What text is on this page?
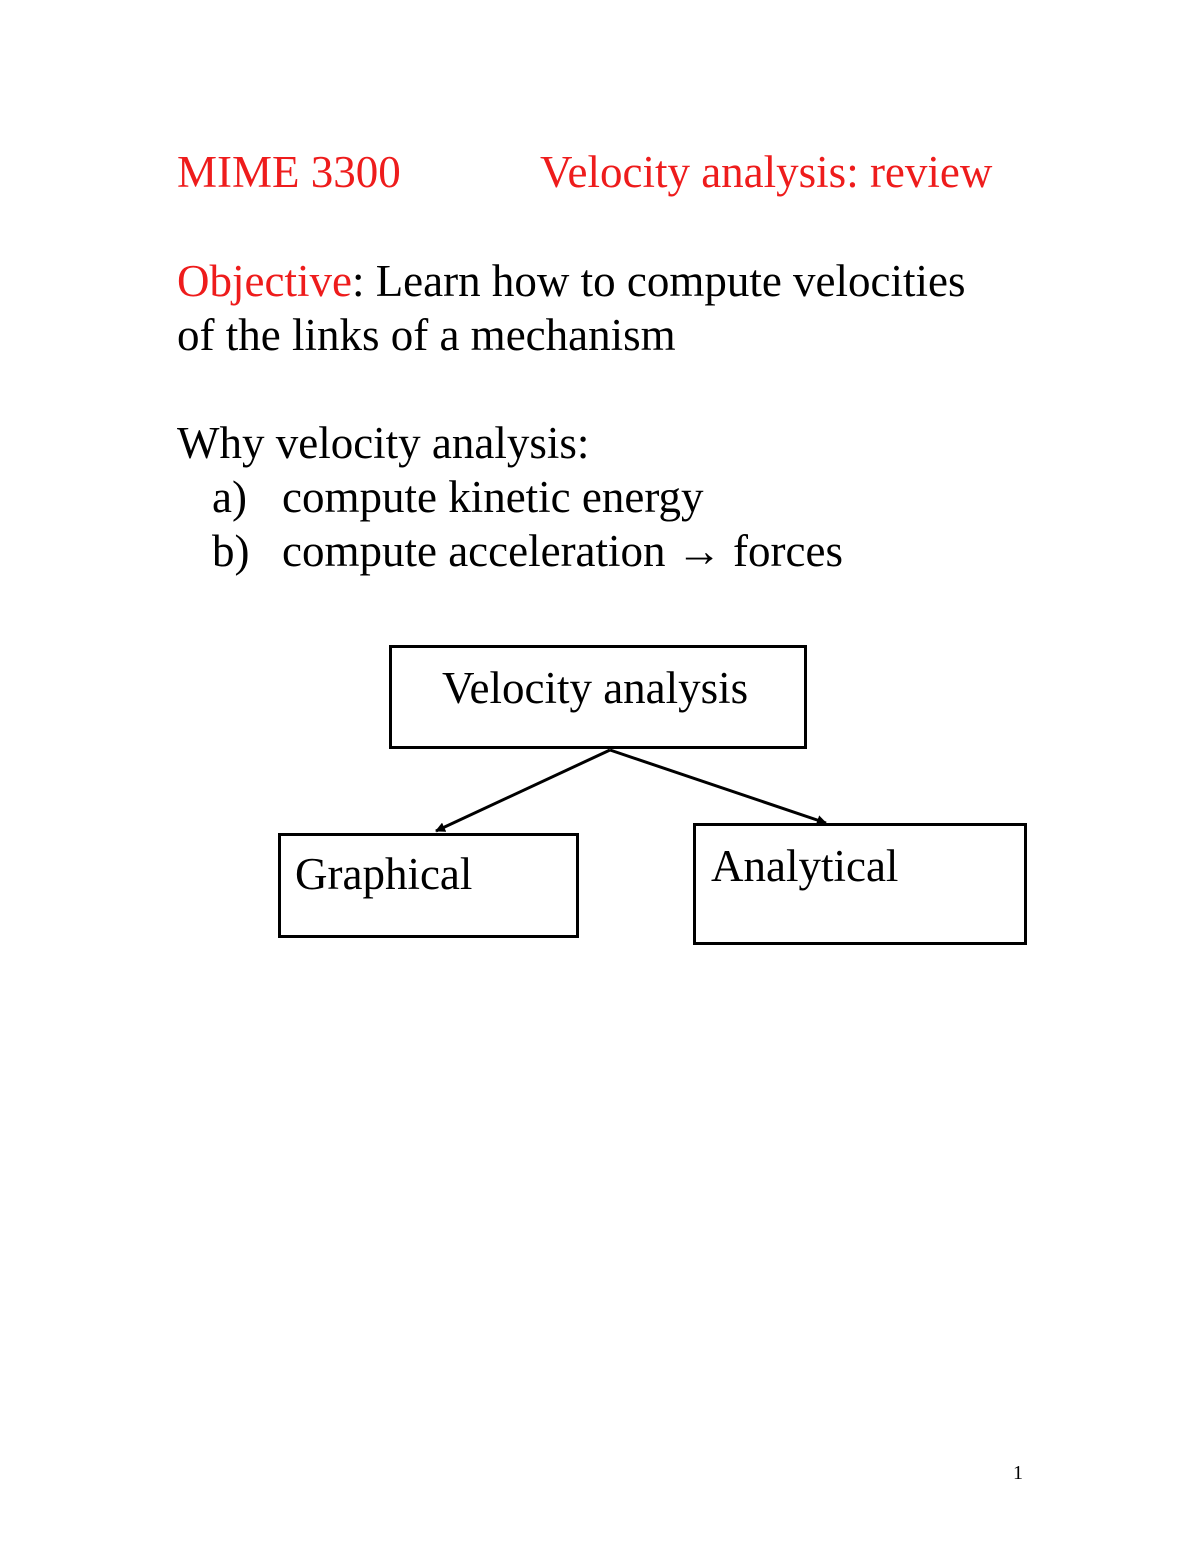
MIME 3300	Velocity analysis: review
Objective: Learn how to compute velocities
of the links of a mechanism
Why velocity analysis:
a) compute kinetic energy
b) compute acceleration → forces
Velocity analysis
Graphical	Analytical
1
